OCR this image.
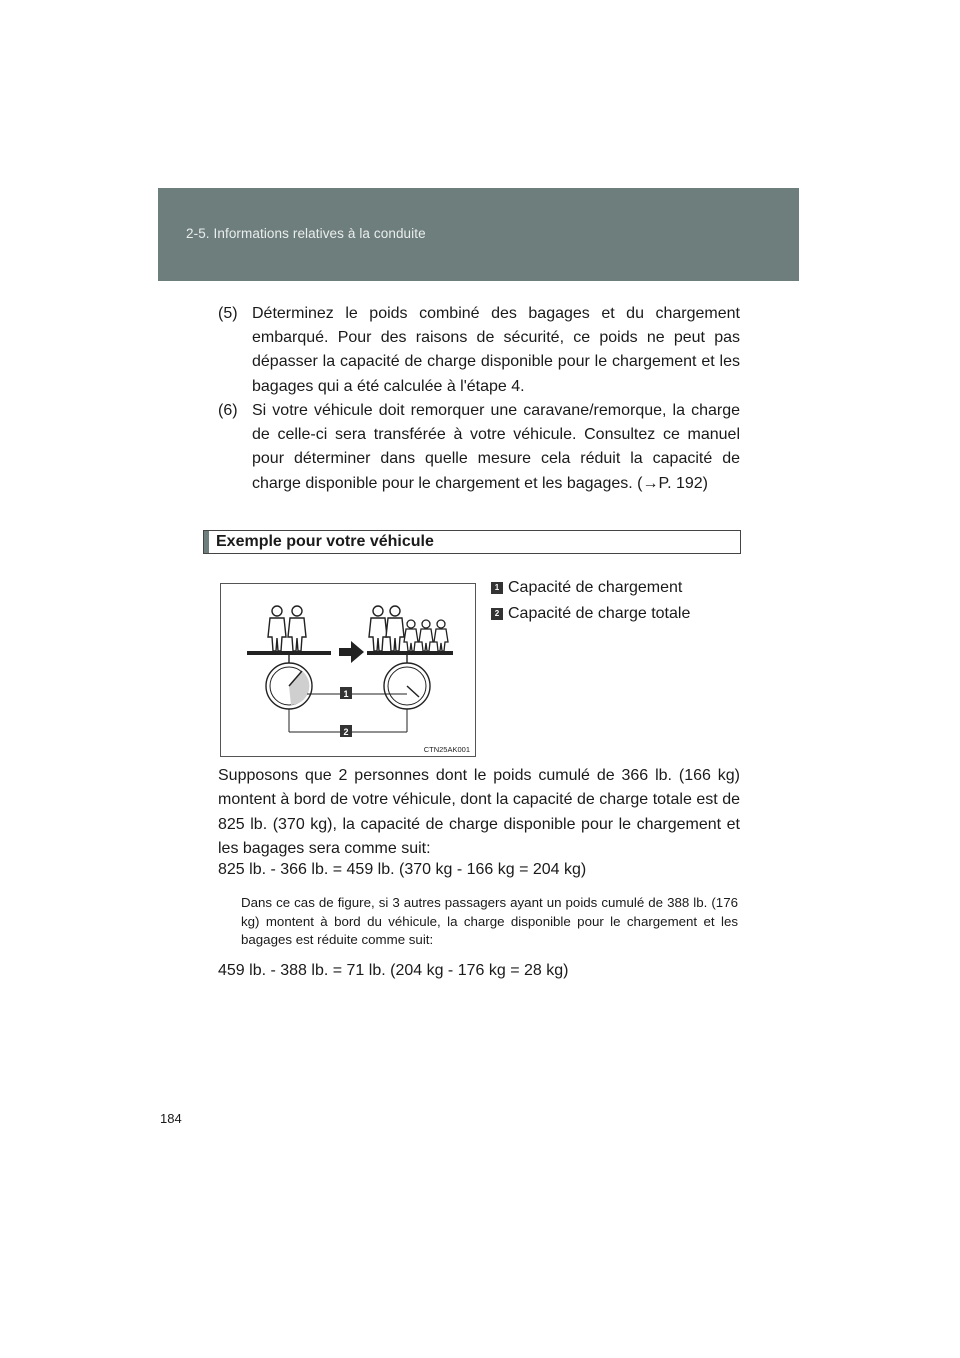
2-5. Informations relatives à la conduite
(5) Déterminez le poids combiné des bagages et du chargement embarqué. Pour des raisons de sécurité, ce poids ne peut pas dépasser la capacité de charge disponible pour le chargement et les bagages qui a été calculée à l'étape 4.
(6) Si votre véhicule doit remorquer une caravane/remorque, la charge de celle-ci sera transférée à votre véhicule. Consultez ce manuel pour déterminer dans quelle mesure cela réduit la capacité de charge disponible pour le chargement et les bagages. (→P. 192)
Exemple pour votre véhicule
1
2
CTN25AK001
1 Capacité de chargement
2 Capacité de charge totale
Supposons que 2 personnes dont le poids cumulé de 366 lb. (166 kg) montent à bord de votre véhicule, dont la capacité de charge totale est de 825 lb. (370 kg), la capacité de charge disponible pour le chargement et les bagages sera comme suit:
825 lb. - 366 lb. = 459 lb. (370 kg - 166 kg = 204 kg)
Dans ce cas de figure, si 3 autres passagers ayant un poids cumulé de 388 lb. (176 kg) montent à bord du véhicule, la charge disponible pour le chargement et les bagages est réduite comme suit:
459 lb. - 388 lb. = 71 lb. (204 kg - 176 kg = 28 kg)
184
